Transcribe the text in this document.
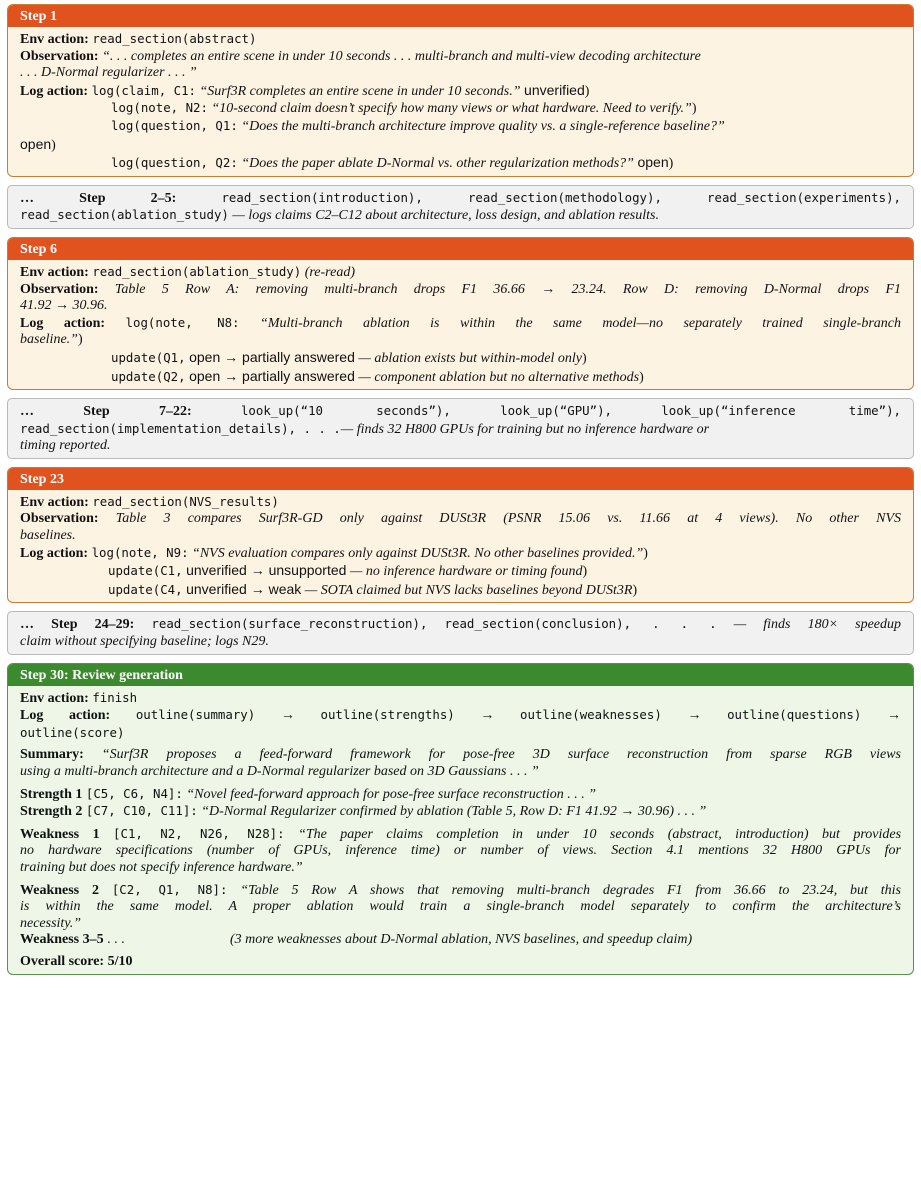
Step 1

Env action: read_section(abstract)

Observation: “. . . completes an entire scene in under 10 seconds . . . multi-branch and multi-view decoding architecture

. . . D-Normal regularizer . . . ”

Log action: log(claim, C1: “Surf3R completes an entire scene in under 10 seconds.” unverified)

log(note, N2: “10-second claim doesn’t specify how many views or what hardware. Need to verify.”)

log(question, Q1: “Does the multi-branch architecture improve quality vs. a single-reference baseline?”

open)

log(question, Q2: “Does the paper ablate D-Normal vs. other regularization methods?” open)

… Step 2–5:	read_section(introduction),	read_section(methodology),	read_section(experiments),

read_section(ablation_study) — logs claims C2–C12 about architecture, loss design, and ablation results.

Step 6

Env action: read_section(ablation_study) (re-read)

Observation: Table 5 Row A: removing multi-branch drops F1 36.66 → 23.24. Row D: removing D-Normal drops F1

41.92 → 30.96.

Log action: log(note, N8: “Multi-branch ablation is within the same model—no separately trained single-branch

baseline.”)

update(Q1, open → partially answered — ablation exists but within-model only)

update(Q2, open → partially answered — component ablation but no alternative methods)

… Step 7–22:	look_up(“10 seconds”),	look_up(“GPU”),	look_up(“inference time”),

read_section(implementation_details), . . .— finds 32 H800 GPUs for training but no inference hardware or

timing reported.

Step 23

Env action: read_section(NVS_results)

Observation: Table 3 compares Surf3R-GD only against DUSt3R (PSNR 15.06 vs. 11.66 at 4 views). No other NVS

baselines.

Log action: log(note, N9: “NVS evaluation compares only against DUSt3R. No other baselines provided.”)

update(C1, unverified → unsupported — no inference hardware or timing found)

update(C4, unverified → weak — SOTA claimed but NVS lacks baselines beyond DUSt3R)

… Step 24–29: read_section(surface_reconstruction), read_section(conclusion), . . . — finds 180× speedup

claim without specifying baseline; logs N29.

Step 30: Review generation

Env action: finish

Log action: outline(summary) → outline(strengths) → outline(weaknesses) → outline(questions) →

outline(score)

Summary: “Surf3R proposes a feed-forward framework for pose-free 3D surface reconstruction from sparse RGB views

using a multi-branch architecture and a D-Normal regularizer based on 3D Gaussians . . . ”

Strength 1 [C5, C6, N4]: “Novel feed-forward approach for pose-free surface reconstruction . . . ”

Strength 2 [C7, C10, C11]: “D-Normal Regularizer confirmed by ablation (Table 5, Row D: F1 41.92 → 30.96) . . . ”

Weakness 1 [C1, N2, N26, N28]: “The paper claims completion in under 10 seconds (abstract, introduction) but provides

no hardware specifications (number of GPUs, inference time) or number of views. Section 4.1 mentions 32 H800 GPUs for

training but does not specify inference hardware.”

Weakness 2 [C2, Q1, N8]: “Table 5 Row A shows that removing multi-branch degrades F1 from 36.66 to 23.24, but this

is within the same model. A proper ablation would train a single-branch model separately to confirm the architecture’s

necessity.”

Weakness 3–5 . . .	(3 more weaknesses about D-Normal ablation, NVS baselines, and speedup claim)

Overall score: 5/10
